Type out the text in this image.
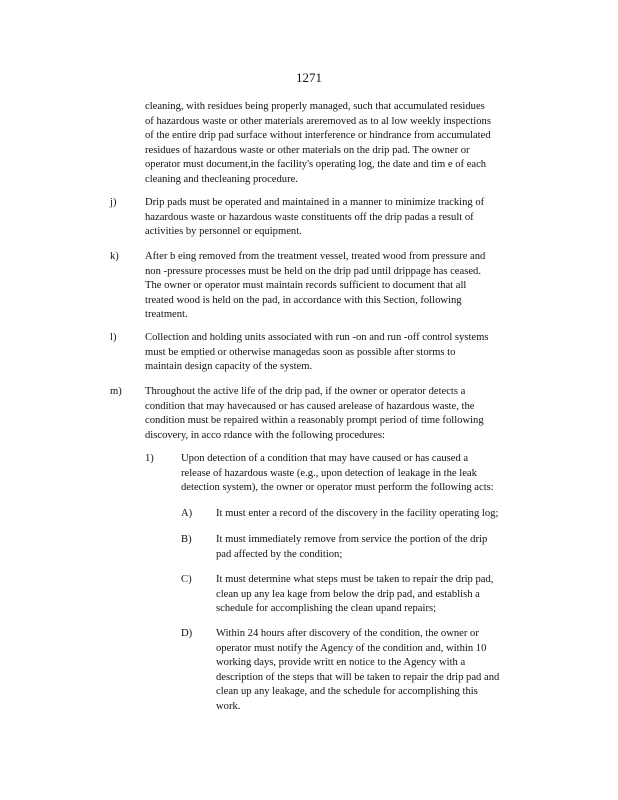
1271
cleaning, with residues being properly managed, such that accumulated residues
of hazardous waste or other materials areremoved as to al low weekly inspections
of the entire drip pad surface without interference or hindrance from accumulated
residues of hazardous waste or other materials on the drip pad. The owner or
operator must document,in the facility's operating log, the date and tim e of each
cleaning and thecleaning procedure.
j)	Drip pads must be operated and maintained in a manner to minimize tracking of
hazardous waste or hazardous waste constituents off the drip padas a result of
activities by personnel or equipment.
k) After b eing removed from the treatment vessel, treated wood from pressure and
non -pressure processes must be held on the drip pad until drippage has ceased.
The owner or operator must maintain records sufficient to document that all
treated wood is held on the pad, in accordance with this Section, following
treatment.
l)	Collection and holding units associated with run -on and run -off control systems
must be emptied or otherwise managedas soon as possible after storms to
maintain design capacity of the system.
m) Throughout the active life of the drip pad, if the owner or operator detects a
condition that may havecaused or has caused arelease of hazardous waste, the
condition must be repaired within a reasonably prompt period of time following
discovery, in acco rdance with the following procedures:
1)	Upon detection of a condition that may have caused or has caused a
release of hazardous waste (e.g., upon detection of leakage in the leak
detection system), the owner or operator must perform the following acts:
A) It must enter a record of the discovery in the facility operating log;
B) It must immediately remove from service the portion of the drip
pad affected by the condition;
C) It must determine what steps must be taken to repair the drip pad,
clean up any lea kage from below the drip pad, and establish a
schedule for accomplishing the clean upand repairs;
D) Within 24 hours after discovery of the condition, the owner or
operator must notify the Agency of the condition and, within 10
working days, provide writt en notice to the Agency with a
description of the steps that will be taken to repair the drip pad and
clean up any leakage, and the schedule for accomplishing this
work.
